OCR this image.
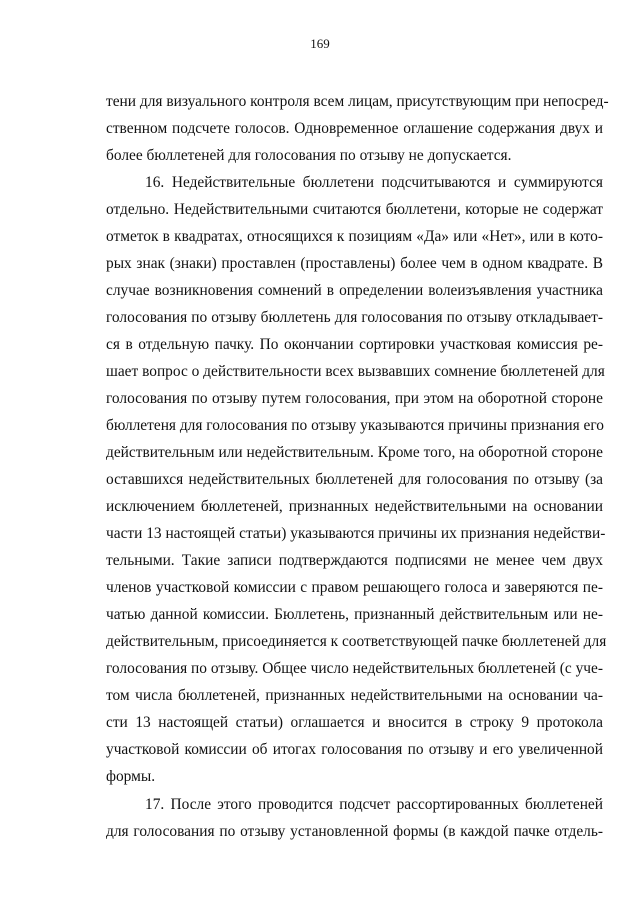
169
тени для визуального контроля всем лицам, присутствующим при непосред-
ственном подсчете голосов. Одновременное оглашение содержания двух и
более бюллетеней для голосования по отзыву не допускается.
16. Недействительные бюллетени подсчитываются и суммируются
отдельно. Недействительными считаются бюллетени, которые не содержат
отметок в квадратах, относящихся к позициям «Да» или «Нет», или в кото-
рых знак (знаки) проставлен (проставлены) более чем в одном квадрате. В
случае возникновения сомнений в определении волеизъявления участника
голосования по отзыву бюллетень для голосования по отзыву откладывает-
ся в отдельную пачку. По окончании сортировки участковая комиссия ре-
шает вопрос о действительности всех вызвавших сомнение бюллетеней для
голосования по отзыву путем голосования, при этом на оборотной стороне
бюллетеня для голосования по отзыву указываются причины признания его
действительным или недействительным. Кроме того, на оборотной стороне
оставшихся недействительных бюллетеней для голосования по отзыву (за
исключением бюллетеней, признанных недействительными на основании
части 13 настоящей статьи) указываются причины их признания недействи-
тельными. Такие записи подтверждаются подписями не менее чем двух
членов участковой комиссии с правом решающего голоса и заверяются пе-
чатью данной комиссии. Бюллетень, признанный действительным или не-
действительным, присоединяется к соответствующей пачке бюллетеней для
голосования по отзыву. Общее число недействительных бюллетеней (с уче-
том числа бюллетеней, признанных недействительными на основании ча-
сти 13 настоящей статьи) оглашается и вносится в строку 9 протокола
участковой комиссии об итогах голосования по отзыву и его увеличенной
формы.
17. После этого проводится подсчет рассортированных бюллетеней
для голосования по отзыву установленной формы (в каждой пачке отдель-
